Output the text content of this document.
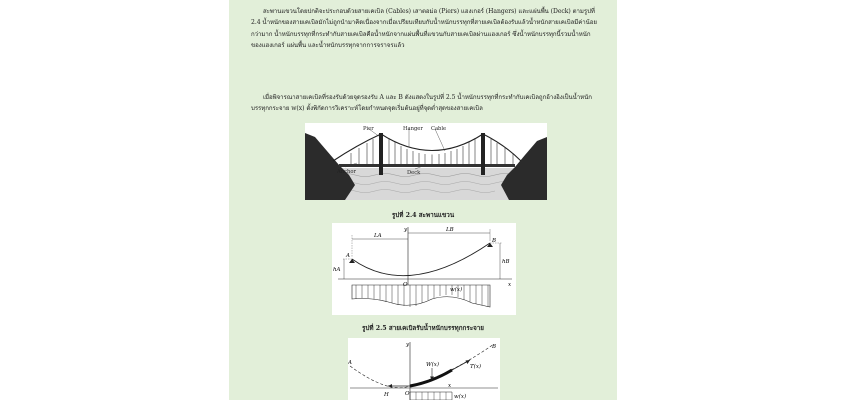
สะพานแขวนโดยปกติจะประกอบด้วยสายเคเบิล (Cables) เสาตอม่อ (Piers) แฮงเกอร์ (Hangers) และแผ่นพื้น (Deck) ตามรูปที่ 2.4 น้ำหนักของสายเคเบิลมักไม่ถูกนำมาคิดเนื่องจากเมื่อเปรียบเทียบกับน้ำหนักบรรทุกที่สายเคเบิลต้องรับแล้วน้ำหนักสายเคเบิลมีค่าน้อยกว่ามาก น้ำหนักบรรทุกที่กระทำกับสายเคเบิลคือน้ำหนักจากแผ่นพื้นที่แขวนกับสายเคเบิลผ่านแฮงเกอร์ ซึ่งน้ำหนักบรรทุกนี้รวมน้ำหนักของแฮงเกอร์ แผ่นพื้น และน้ำหนักบรรทุกจากการจราจรแล้ว
เมื่อพิจารณาสายเคเบิลที่รองรับด้วยจุดรองรับ A และ B ดังแสดงในรูปที่ 2.5 น้ำหนักบรรทุกที่กระทำกับเคเบิลถูกอ้างอิงเป็นน้ำหนักบรรทุกกระจาย w(x) ตั้งพิกัดการวิเคราะห์โดยกำหนดจุดเริ่มต้นอยู่ที่จุดต่ำสุดของสายเคเบิล
Pier	Hanger Cable
Anchor	Deck
รูปที่ 2.4 สะพานแขวน
y
x
A
B
O
LA
LB
hA
hB
w(x)
รูปที่ 2.5 สายเคเบิลรับน้ำหนักบรรทุกกระจาย
y
A
B
W(x)	T(x)
H	O
x
w(x)
